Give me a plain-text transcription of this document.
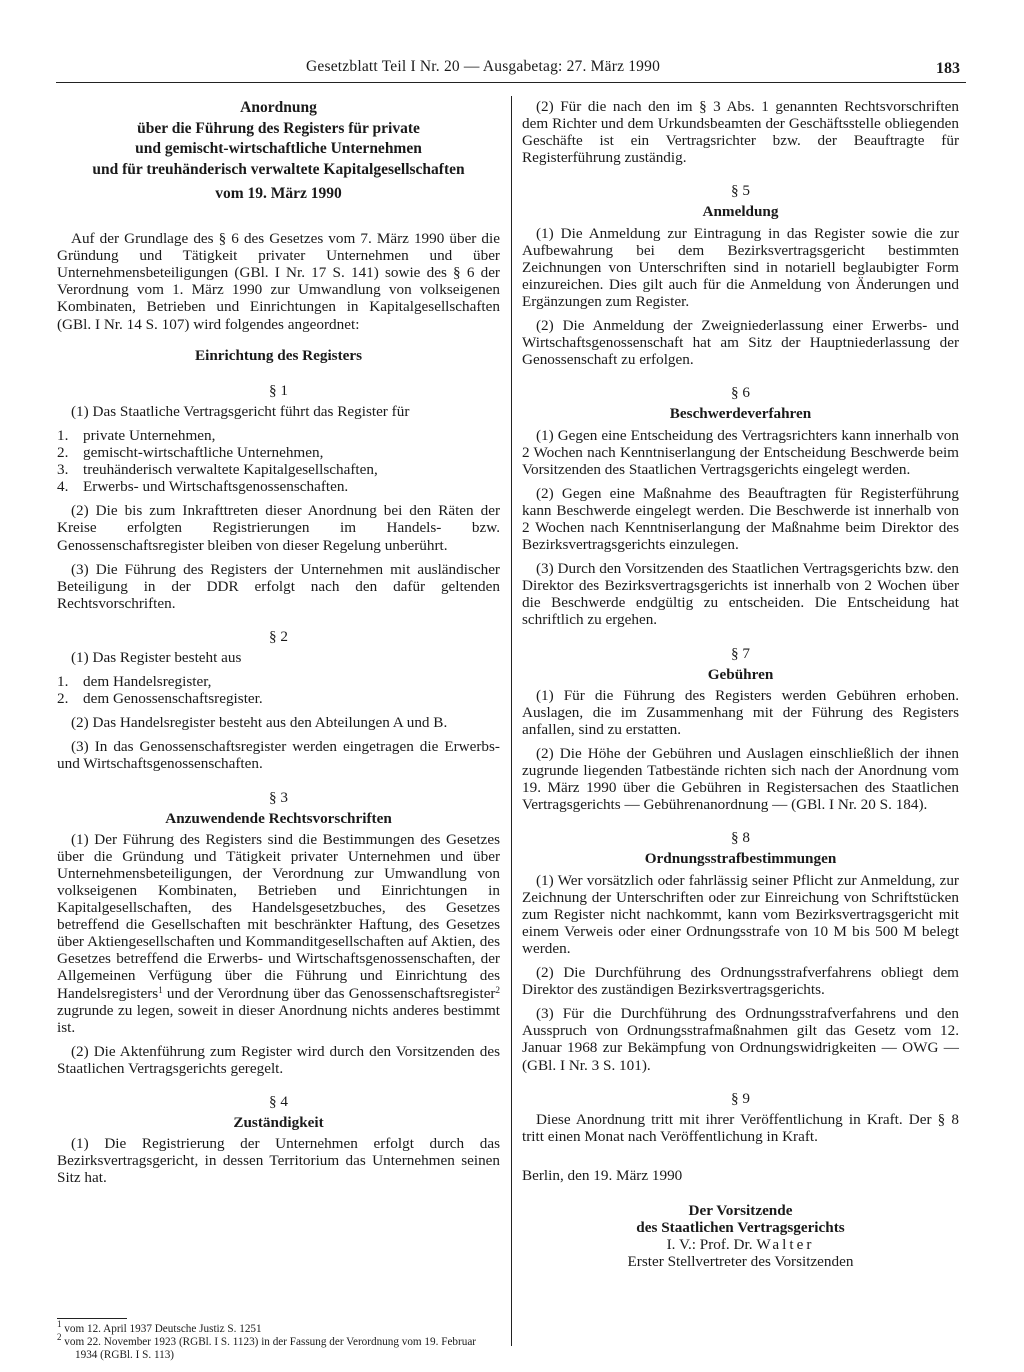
Gesetzblatt Teil I Nr. 20 — Ausgabetag: 27. März 1990	183
Anordnung
über die Führung des Registers für private
und gemischt-wirtschaftliche Unternehmen
und für treuhänderisch verwaltete Kapitalgesellschaften
vom 19. März 1990

Auf der Grundlage des § 6 des Gesetzes vom 7. März 1990 über die Gründung und Tätigkeit privater Unternehmen und über Unternehmensbeteiligungen (GBl. I Nr. 17 S. 141) sowie des § 6 der Verordnung vom 1. März 1990 zur Umwandlung von volkseigenen Kombinaten, Betrieben und Einrichtungen in Kapitalgesellschaften (GBl. I Nr. 14 S. 107) wird folgendes angeordnet:

Einrichtung des Registers
§ 1

(1) Das Staatliche Vertragsgericht führt das Register für

1. private Unternehmen,
2. gemischt-wirtschaftliche Unternehmen,
3. treuhänderisch verwaltete Kapitalgesellschaften,
4. Erwerbs- und Wirtschaftsgenossenschaften.

(2) Die bis zum Inkrafttreten dieser Anordnung bei den Räten der Kreise erfolgten Registrierungen im Handels- bzw. Genossenschaftsregister bleiben von dieser Regelung unberührt.

(3) Die Führung des Registers der Unternehmen mit ausländischer Beteiligung in der DDR erfolgt nach den dafür geltenden Rechtsvorschriften.

§ 2

(1) Das Register besteht aus

1. dem Handelsregister,
2. dem Genossenschaftsregister.

(2) Das Handelsregister besteht aus den Abteilungen A und B.

(3) In das Genossenschaftsregister werden eingetragen die Erwerbs- und Wirtschaftsgenossenschaften.

§ 3
Anzuwendende Rechtsvorschriften

(1) Der Führung des Registers sind die Bestimmungen des Gesetzes über die Gründung und Tätigkeit privater Unternehmen und über Unternehmensbeteiligungen, der Verordnung zur Umwandlung von volkseigenen Kombinaten, Betrieben und Einrichtungen in Kapitalgesellschaften, des Handelsgesetzbuches, des Gesetzes betreffend die Gesellschaften mit beschränkter Haftung, des Gesetzes über Aktiengesellschaften und Kommanditgesellschaften auf Aktien, des Gesetzes betreffend die Erwerbs- und Wirtschaftsgenossenschaften, der Allgemeinen Verfügung über die Führung und Einrichtung des Handelsregisters$^1$ und der Verordnung über das Genossenschaftsregister$^2$ zugrunde zu legen, soweit in dieser Anordnung nichts anderes bestimmt ist.

(2) Die Aktenführung zum Register wird durch den Vorsitzenden des Staatlichen Vertragsgerichts geregelt.

§ 4
Zuständigkeit

(1) Die Registrierung der Unternehmen erfolgt durch das Bezirksvertragsgericht, in dessen Territorium das Unternehmen seinen Sitz hat.

$^1$ vom 12. April 1937 Deutsche Justiz S. 1251

$^2$ vom 22. November 1923 (RGBl. I S. 1123) in der Fassung der Verordnung vom 19. Februar 1934 (RGBl. I S. 113)

(2) Für die nach den im § 3 Abs. 1 genannten Rechtsvorschriften dem Richter und dem Urkundsbeamten der Geschäftsstelle obliegenden Geschäfte ist ein Vertragsrichter bzw. der Beauftragte für Registerführung zuständig.

§ 5
Anmeldung

(1) Die Anmeldung zur Eintragung in das Register sowie die zur Aufbewahrung bei dem Bezirksvertragsgericht bestimmten Zeichnungen von Unterschriften sind in notariell beglaubigter Form einzureichen. Dies gilt auch für die Anmeldung von Änderungen und Ergänzungen zum Register.

(2) Die Anmeldung der Zweigniederlassung einer Erwerbs- und Wirtschaftsgenossenschaft hat am Sitz der Hauptniederlassung der Genossenschaft zu erfolgen.

§ 6
Beschwerdeverfahren

(1) Gegen eine Entscheidung des Vertragsrichters kann innerhalb von 2 Wochen nach Kenntniserlangung der Entscheidung Beschwerde beim Vorsitzenden des Staatlichen Vertragsgerichts eingelegt werden.

(2) Gegen eine Maßnahme des Beauftragten für Registerführung kann Beschwerde eingelegt werden. Die Beschwerde ist innerhalb von 2 Wochen nach Kenntniserlangung der Maßnahme beim Direktor des Bezirksvertragsgerichts einzulegen.

(3) Durch den Vorsitzenden des Staatlichen Vertragsgerichts bzw. den Direktor des Bezirksvertragsgerichts ist innerhalb von 2 Wochen über die Beschwerde endgültig zu entscheiden. Die Entscheidung hat schriftlich zu ergehen.

§ 7
Gebühren

(1) Für die Führung des Registers werden Gebühren erhoben. Auslagen, die im Zusammenhang mit der Führung des Registers anfallen, sind zu erstatten.

(2) Die Höhe der Gebühren und Auslagen einschließlich der ihnen zugrunde liegenden Tatbestände richten sich nach der Anordnung vom 19. März 1990 über die Gebühren in Registersachen des Staatlichen Vertragsgerichts — Gebührenanordnung — (GBl. I Nr. 20 S. 184).

§ 8
Ordnungsstrafbestimmungen

(1) Wer vorsätzlich oder fahrlässig seiner Pflicht zur Anmeldung, zur Zeichnung der Unterschriften oder zur Einreichung von Schriftstücken zum Register nicht nachkommt, kann vom Bezirksvertragsgericht mit einem Verweis oder einer Ordnungsstrafe von 10 M bis 500 M belegt werden.

(2) Die Durchführung des Ordnungsstrafverfahrens obliegt dem Direktor des zuständigen Bezirksvertragsgerichts.

(3) Für die Durchführung des Ordnungsstrafverfahrens und den Ausspruch von Ordnungsstrafmaßnahmen gilt das Gesetz vom 12. Januar 1968 zur Bekämpfung von Ordnungswidrigkeiten — OWG — (GBl. I Nr. 3 S. 101).

§ 9

Diese Anordnung tritt mit ihrer Veröffentlichung in Kraft. Der § 8 tritt einen Monat nach Veröffentlichung in Kraft.

Berlin, den 19. März 1990

Der Vorsitzende
des Staatlichen Vertragsgerichts
I. V.: Prof. Dr. Walter
Erster Stellvertreter des Vorsitzenden
